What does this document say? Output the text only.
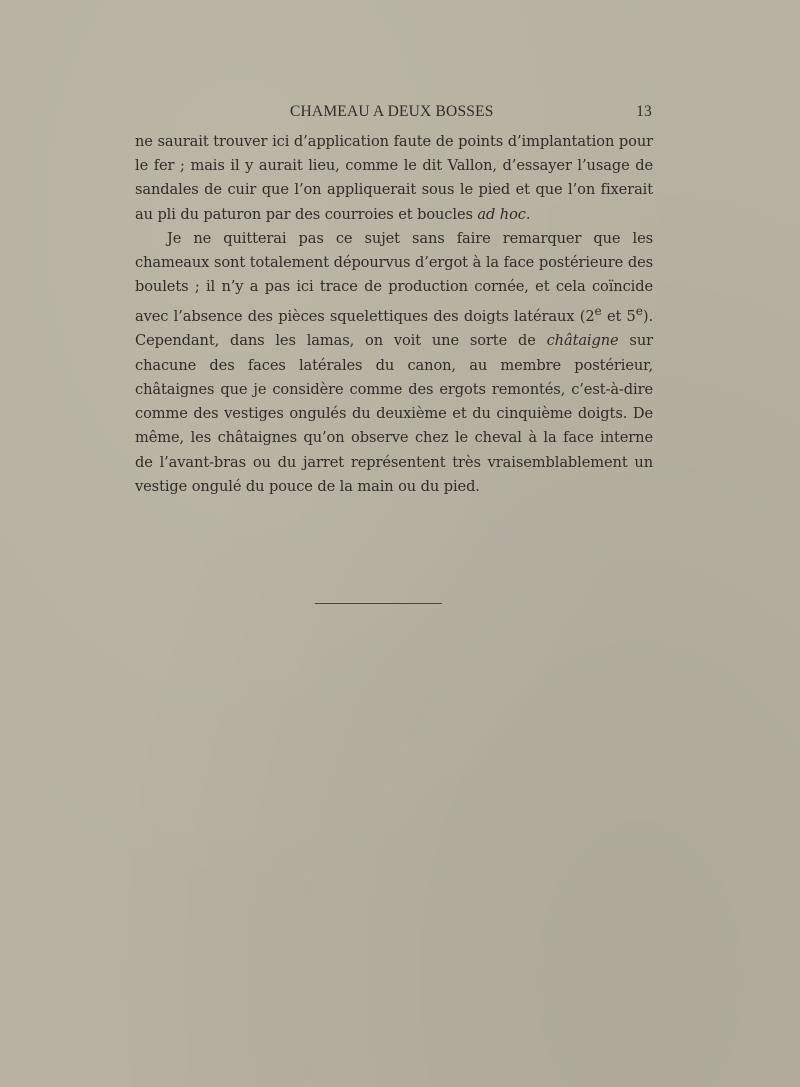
CHAMEAU A DEUX BOSSES	13

ne saurait trouver ici d’application faute de points d’implantation pour le fer ; mais il y aurait lieu, comme le dit Vallon, d’essayer l’usage de sandales de cuir que l’on appliquerait sous le pied et que l’on fixerait au pli du paturon par des courroies et boucles ad hoc.

Je ne quitterai pas ce sujet sans faire remarquer que les chameaux sont totalement dépourvus d’ergot à la face postérieure des boulets ; il n’y a pas ici trace de production cornée, et cela coïncide avec l’absence des pièces squelettiques des doigts latéraux (2e et 5e). Cependant, dans les lamas, on voit une sorte de châtaigne sur chacune des faces latérales du canon, au membre postérieur, châtaignes que je considère comme des ergots remontés, c’est-à-dire comme des vestiges ongulés du deuxième et du cinquième doigts. De même, les châtaignes qu’on observe chez le cheval à la face interne de l’avant-bras ou du jarret représentent très vraisemblablement un vestige ongulé du pouce de la main ou du pied.
